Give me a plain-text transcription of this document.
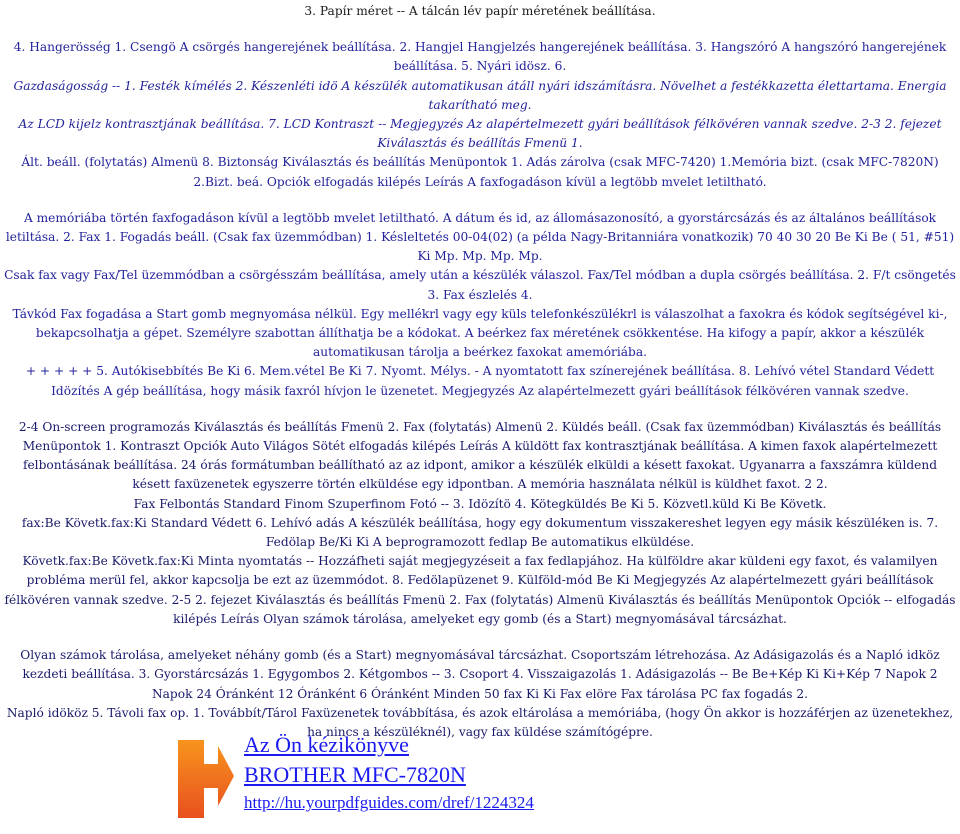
3. Papír méret -- A tálcán lév papír méretének beállítása.

4. Hangerösség 1. Csengö A csörgés hangerejének beállítása. 2. Hangjel Hangjelzés hangerejének beállítása. 3. Hangszóró A hangszóró hangerejének beállítása. 5. Nyári idösz. 6.

Gazdaságosság -- 1. Festék kímélés 2. Készenléti idö A készülék automatikusan átáll nyári idszámításra. Növelhet a festékkazetta élettartama. Energia takarítható meg.

Az LCD kijelz kontrasztjának beállítása. 7. LCD Kontraszt -- Megjegyzés Az alapértelmezett gyári beállítások félkövéren vannak szedve. 2-3 2. fejezet Kiválasztás és beállítás Fmenü 1.

Ált. beáll. (folytatás) Almenü 8. Biztonság Kiválasztás és beállítás Menüpontok 1. Adás zárolva (csak MFC-7420) 1.Memória bizt. (csak MFC-7820N) 2.Bizt. beá. Opciók elfogadás kilépés Leírás A faxfogadáson kívül a legtöbb mvelet letiltható.

A memóriába történ faxfogadáson kívül a legtöbb mvelet letiltható. A dátum és id, az állomásazonosító, a gyorstárcsázás és az általános beállítások letiltása. 2. Fax 1. Fogadás beáll. (Csak fax üzemmódban) 1. Késleltetés 00-04(02) (a példa Nagy-Britanniára vonatkozik) 70 40 30 20 Be Ki Be ( 51, #51) Ki Mp. Mp. Mp. Mp.

Csak fax vagy Fax/Tel üzemmódban a csörgésszám beállítása, amely után a készülék válaszol. Fax/Tel módban a dupla csörgés beállítása. 2. F/t csöngetés 3. Fax észlelés 4.

Távkód Fax fogadása a Start gomb megnyomása nélkül. Egy mellékrl vagy egy küls telefonkészülékrl is válaszolhat a faxokra és kódok segítségével ki-, bekapcsolhatja a gépet. Személyre szabottan állíthatja be a kódokat. A beérkez fax méretének csökkentése. Ha kifogy a papír, akkor a készülék automatikusan tárolja a beérkez faxokat amemóriába.

+ + + + + 5. Autókisebbítés Be Ki 6. Mem.vétel Be Ki 7. Nyomt. Mélys. - A nyomtatott fax színerejének beállítása. 8. Lehívó vétel Standard Védett Idözítés A gép beállítása, hogy másik faxról hívjon le üzenetet. Megjegyzés Az alapértelmezett gyári beállítások félkövéren vannak szedve.

2-4 On-screen programozás Kiválasztás és beállítás Fmenü 2. Fax (folytatás) Almenü 2. Küldés beáll. (Csak fax üzemmódban) Kiválasztás és beállítás Menüpontok 1. Kontraszt Opciók Auto Világos Sötét elfogadás kilépés Leírás A küldött fax kontrasztjának beállítása. A kimen faxok alapértelmezett felbontásának beállítása. 24 órás formátumban beállítható az az idpont, amikor a készülék elküldi a késett faxokat. Ugyanarra a faxszámra küldend késett faxüzenetek egyszerre történ elküldése egy idpontban. A memória használata nélkül is küldhet faxot. 2 2.

Fax Felbontás Standard Finom Szuperfinom Fotó -- 3. Idözítö 4. Kötegküldés Be Ki 5. Közvetl.küld Ki Be Követk.

fax:Be Követk.fax:Ki Standard Védett 6. Lehívó adás A készülék beállítása, hogy egy dokumentum visszakereshet legyen egy másik készüléken is. 7. Fedölap Be/Ki Ki A beprogramozott fedlap Be automatikus elküldése.

Követk.fax:Be Követk.fax:Ki Minta nyomtatás -- Hozzáfheti saját megjegyzéseit a fax fedlapjához. Ha külföldre akar küldeni egy faxot, és valamilyen probléma merül fel, akkor kapcsolja be ezt az üzemmódot. 8. Fedölapüzenet 9. Külföld-mód Be Ki Megjegyzés Az alapértelmezett gyári beállítások félkövéren vannak szedve. 2-5 2. fejezet Kiválasztás és beállítás Fmenü 2. Fax (folytatás) Almenü Kiválasztás és beállítás Menüpontok Opciók -- elfogadás kilépés Leírás Olyan számok tárolása, amelyeket egy gomb (és a Start) megnyomásával tárcsázhat.

Olyan számok tárolása, amelyeket néhány gomb (és a Start) megnyomásával tárcsázhat. Csoportszám létrehozása. Az Adásigazolás és a Napló idköz kezdeti beállítása. 3. Gyorstárcsázás 1. Egygombos 2. Kétgombos -- 3. Csoport 4. Visszaigazolás 1. Adásigazolás -- Be Be+Kép Ki Ki+Kép 7 Napok 2 Napok 24 Óránként 12 Óránként 6 Óránként Minden 50 fax Ki Ki Fax elöre Fax tárolása PC fax fogadás 2.

Napló idököz 5. Távoli fax op. 1. Továbbít/Tárol Faxüzenetek továbbítása, és azok eltárolása a memóriába, (hogy Ön akkor is hozzáférjen az üzenetekhez, ha nincs a készüléknél), vagy fax küldése számítógépre.

Az Ön kézikönyve
BROTHER MFC-7820N
http://hu.yourpdfguides.com/dref/1224324
